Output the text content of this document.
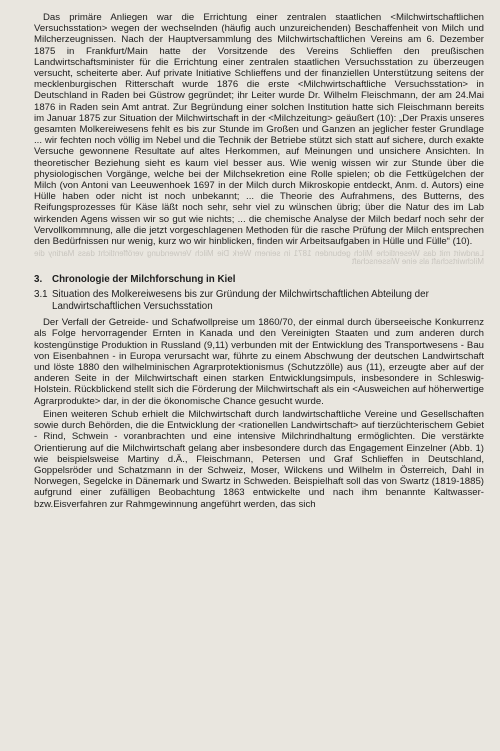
Das primäre Anliegen war die Errichtung einer zentralen staatlichen <Milchwirtschaftlichen Versuchsstation> wegen der wechselnden (häufig auch unzureichenden) Beschaffenheit von Milch und Milcherzeugnissen. Nach der Hauptversammlung des Milchwirtschaftlichen Vereins am 6. Dezember 1875 in Frankfurt/Main hatte der Vorsitzende des Vereins Schlieffen den preußischen Landwirtschaftsminister für die Errichtung einer zentralen staatlichen Versuchsstation zu überzeugen versucht, scheiterte aber. Auf private Initiative Schlieffens und der finanziellen Unterstützung seitens der mecklenburgischen Ritterschaft wurde 1876 die erste <Milchwirtschaftliche Versuchsstation> in Deutschland in Raden bei Güstrow gegründet; ihr Leiter wurde Dr. Wilhelm Fleischmann, der am 24.Mai 1876 in Raden sein Amt antrat. Zur Begründung einer solchen Institution hatte sich Fleischmann bereits im Januar 1875 zur Situation der Milchwirtschaft in der <Milchzeitung> geäußert (10): „Der Praxis unseres gesamten Molkereiwesens fehlt es bis zur Stunde im Großen und Ganzen an jeglicher fester Grundlage ... wir fechten noch völlig im Nebel und die Technik der Betriebe stützt sich statt auf sichere, durch exakte Versuche gewonnene Resultate auf altes Herkommen, auf Meinungen und unsichere Ansichten. In theoretischer Beziehung sieht es kaum viel besser aus. Wie wenig wissen wir zur Stunde über die physiologischen Vorgänge, welche bei der Milchsekretion eine Rolle spielen; ob die Fettkügelchen der Milch (von Antoni van Leeuwenhoek 1697 in der Milch durch Mikroskopie entdeckt, Anm. d. Autors) eine Hülle haben oder nicht ist noch unbekannt; ... die Theorie des Aufrahmens, des Butterns, des Reifungsprozesses für Käse läßt noch sehr, sehr viel zu wünschen übrig; über die Natur des im Lab wirkenden Agens wissen wir so gut wie nichts; ... die chemische Analyse der Milch bedarf noch sehr der Vervollkommnung, alle die jetzt vorgeschlagenen Methoden für die rasche Prüfung der Milch entsprechen den Bedürfnissen nur wenig, kurz wo wir hinblicken, finden wir Arbeitsaufgaben in Hülle und Fülle“ (10).

Landwirt mit das Wesentliche Milch gebunden 1871 in seinem Werk Die Milch Verwendung veröffentlicht dass Martiny die Milchwirtschaft als eine Wissenschaft
3. Chronologie der Milchforschung in Kiel
3.1 Situation des Molkereiwesens bis zur Gründung der Milchwirtschaftlichen Abteilung der Landwirtschaftlichen Versuchsstation

Der Verfall der Getreide- und Schafwollpreise um 1860/70, der einmal durch überseeische Konkurrenz als Folge hervorragender Ernten in Kanada und den Vereinigten Staaten und zum anderen durch kostengünstige Produktion in Russland (9,11) verbunden mit der Entwicklung des Transportwesens - Bau von Eisenbahnen - in Europa verursacht war, führte zu einem Abschwung der deutschen Landwirtschaft und löste 1880 den wilhelminischen Agrarprotektionismus (Schutzzölle) aus (11), erzeugte aber auf der anderen Seite in der Milchwirtschaft einen starken Entwicklungsimpuls, insbesondere in Schleswig-Holstein. Rückblickend stellt sich die Förderung der Milchwirtschaft als ein <Ausweichen auf höherwertige Agrarprodukte> dar, in der die ökonomische Chance gesucht wurde.

Einen weiteren Schub erhielt die Milchwirtschaft durch landwirtschaftliche Vereine und Gesellschaften sowie durch Behörden, die die Entwicklung der <rationellen Landwirtschaft> auf tierzüchterischem Gebiet - Rind, Schwein - voranbrachten und eine intensive Milchrindhaltung ermöglichten. Die verstärkte Orientierung auf die Milchwirtschaft gelang aber insbesondere durch das Engagement Einzelner (Abb. 1) wie beispielsweise Martiny d.Ä., Fleischmann, Petersen und Graf Schlieffen in Deutschland, Goppelsröder und Schatzmann in der Schweiz, Moser, Wilckens und Wilhelm in Österreich, Dahl in Norwegen, Segelcke in Dänemark und Swartz in Schweden. Beispielhaft soll das von Swartz (1819-1885) aufgrund einer zufälligen Beobachtung 1863 entwickelte und nach ihm benannte Kaltwasser-bzw.Eisverfahren zur Rahmgewinnung angeführt werden, das sich
